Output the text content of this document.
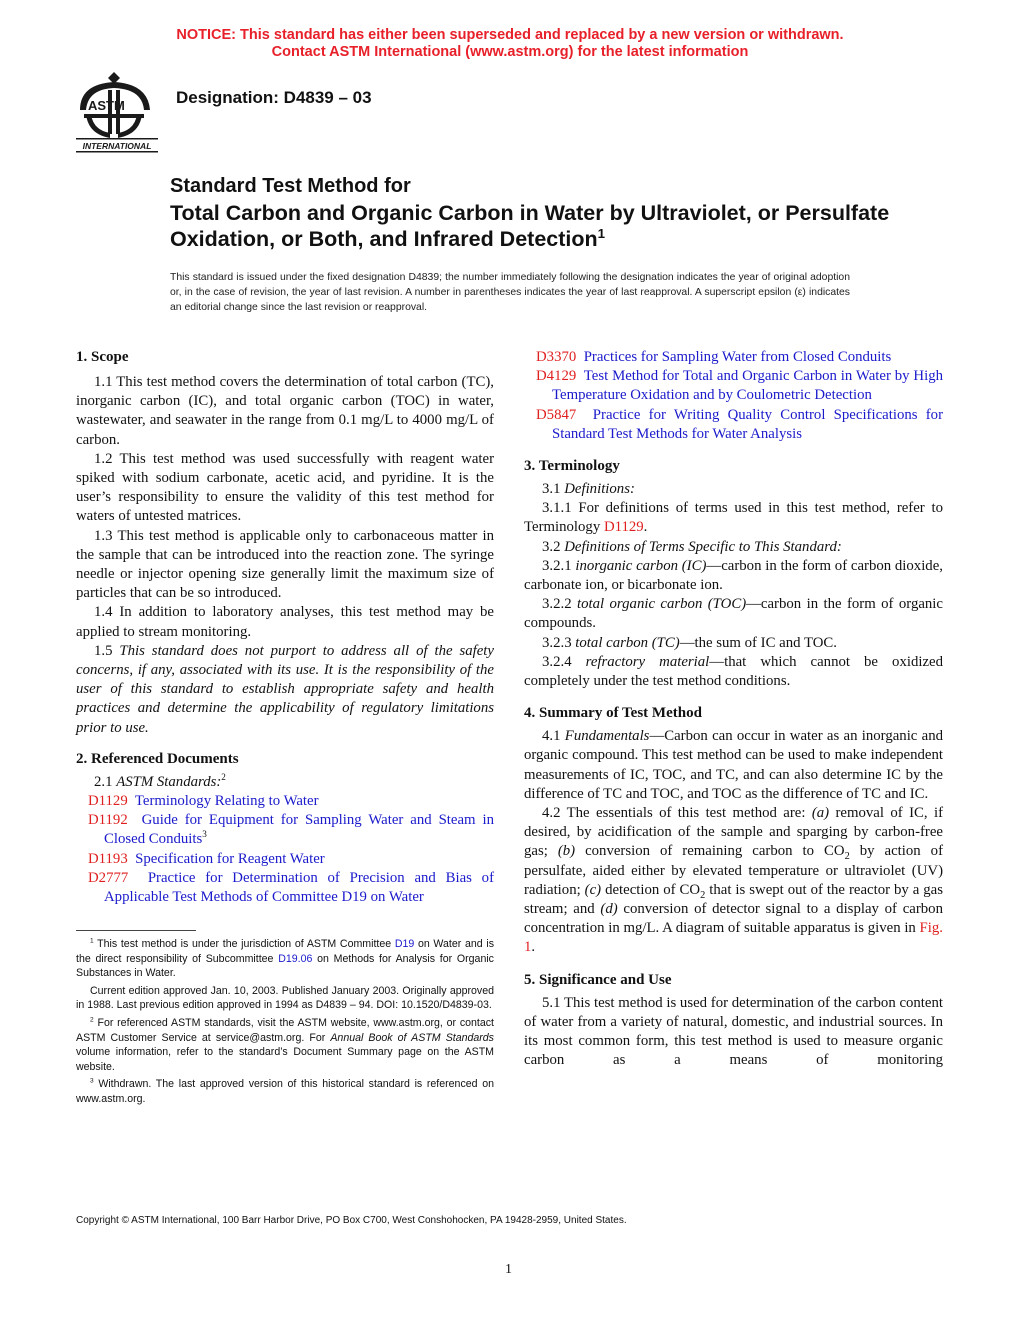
NOTICE: This standard has either been superseded and replaced by a new version or withdrawn.
Contact ASTM International (www.astm.org) for the latest information
ASTM
INTERNATIONAL
Designation: D4839 – 03
Standard Test Method for
Total Carbon and Organic Carbon in Water by Ultraviolet, or Persulfate Oxidation, or Both, and Infrared Detection$^1$
This standard is issued under the fixed designation D4839; the number immediately following the designation indicates the year of original adoption or, in the case of revision, the year of last revision. A number in parentheses indicates the year of last reapproval. A superscript epsilon (ε) indicates an editorial change since the last revision or reapproval.
1. Scope

1.1 This test method covers the determination of total carbon (TC), inorganic carbon (IC), and total organic carbon (TOC) in water, wastewater, and seawater in the range from 0.1 mg/L to 4000 mg/L of carbon.

1.2 This test method was used successfully with reagent water spiked with sodium carbonate, acetic acid, and pyridine. It is the user’s responsibility to ensure the validity of this test method for waters of untested matrices.

1.3 This test method is applicable only to carbonaceous matter in the sample that can be introduced into the reaction zone. The syringe needle or injector opening size generally limit the maximum size of particles that can be so introduced.

1.4 In addition to laboratory analyses, this test method may be applied to stream monitoring.

1.5 This standard does not purport to address all of the safety concerns, if any, associated with its use. It is the responsibility of the user of this standard to establish appropriate safety and health practices and determine the applicability of regulatory limitations prior to use.

2. Referenced Documents

2.1 ASTM Standards:$^2$

D1129 Terminology Relating to Water

D1192 Guide for Equipment for Sampling Water and Steam in Closed Conduits$^3$

D1193 Specification for Reagent Water

D2777 Practice for Determination of Precision and Bias of Applicable Test Methods of Committee D19 on Water

$^1$ This test method is under the jurisdiction of ASTM Committee D19 on Water and is the direct responsibility of Subcommittee D19.06 on Methods for Analysis for Organic Substances in Water.

Current edition approved Jan. 10, 2003. Published January 2003. Originally approved in 1988. Last previous edition approved in 1994 as D4839 – 94. DOI: 10.1520/D4839-03.

$^2$ For referenced ASTM standards, visit the ASTM website, www.astm.org, or contact ASTM Customer Service at service@astm.org. For Annual Book of ASTM Standards volume information, refer to the standard’s Document Summary page on the ASTM website.

$^3$ Withdrawn. The last approved version of this historical standard is referenced on www.astm.org.

D3370 Practices for Sampling Water from Closed Conduits

D4129 Test Method for Total and Organic Carbon in Water by High Temperature Oxidation and by Coulometric Detection

D5847 Practice for Writing Quality Control Specifications for Standard Test Methods for Water Analysis

3. Terminology

3.1 Definitions:

3.1.1 For definitions of terms used in this test method, refer to Terminology D1129.

3.2 Definitions of Terms Specific to This Standard:

3.2.1 inorganic carbon (IC)—carbon in the form of carbon dioxide, carbonate ion, or bicarbonate ion.

3.2.2 total organic carbon (TOC)—carbon in the form of organic compounds.

3.2.3 total carbon (TC)—the sum of IC and TOC.

3.2.4 refractory material—that which cannot be oxidized completely under the test method conditions.

4. Summary of Test Method

4.1 Fundamentals—Carbon can occur in water as an inorganic and organic compound. This test method can be used to make independent measurements of IC, TOC, and TC, and can also determine IC by the difference of TC and TOC, and TOC as the difference of TC and IC.

4.2 The essentials of this test method are: (a) removal of IC, if desired, by acidification of the sample and sparging by carbon-free gas; (b) conversion of remaining carbon to $CO_2$ by action of persulfate, aided either by elevated temperature or ultraviolet (UV) radiation; (c) detection of $CO_2$ that is swept out of the reactor by a gas stream; and (d) conversion of detector signal to a display of carbon concentration in mg/L. A diagram of suitable apparatus is given in Fig. 1.

5. Significance and Use

5.1 This test method is used for determination of the carbon content of water from a variety of natural, domestic, and industrial sources. In its most common form, this test method is used to measure organic carbon as a means of monitoring

Copyright © ASTM International, 100 Barr Harbor Drive, PO Box C700, West Conshohocken, PA 19428-2959, United States.
1
